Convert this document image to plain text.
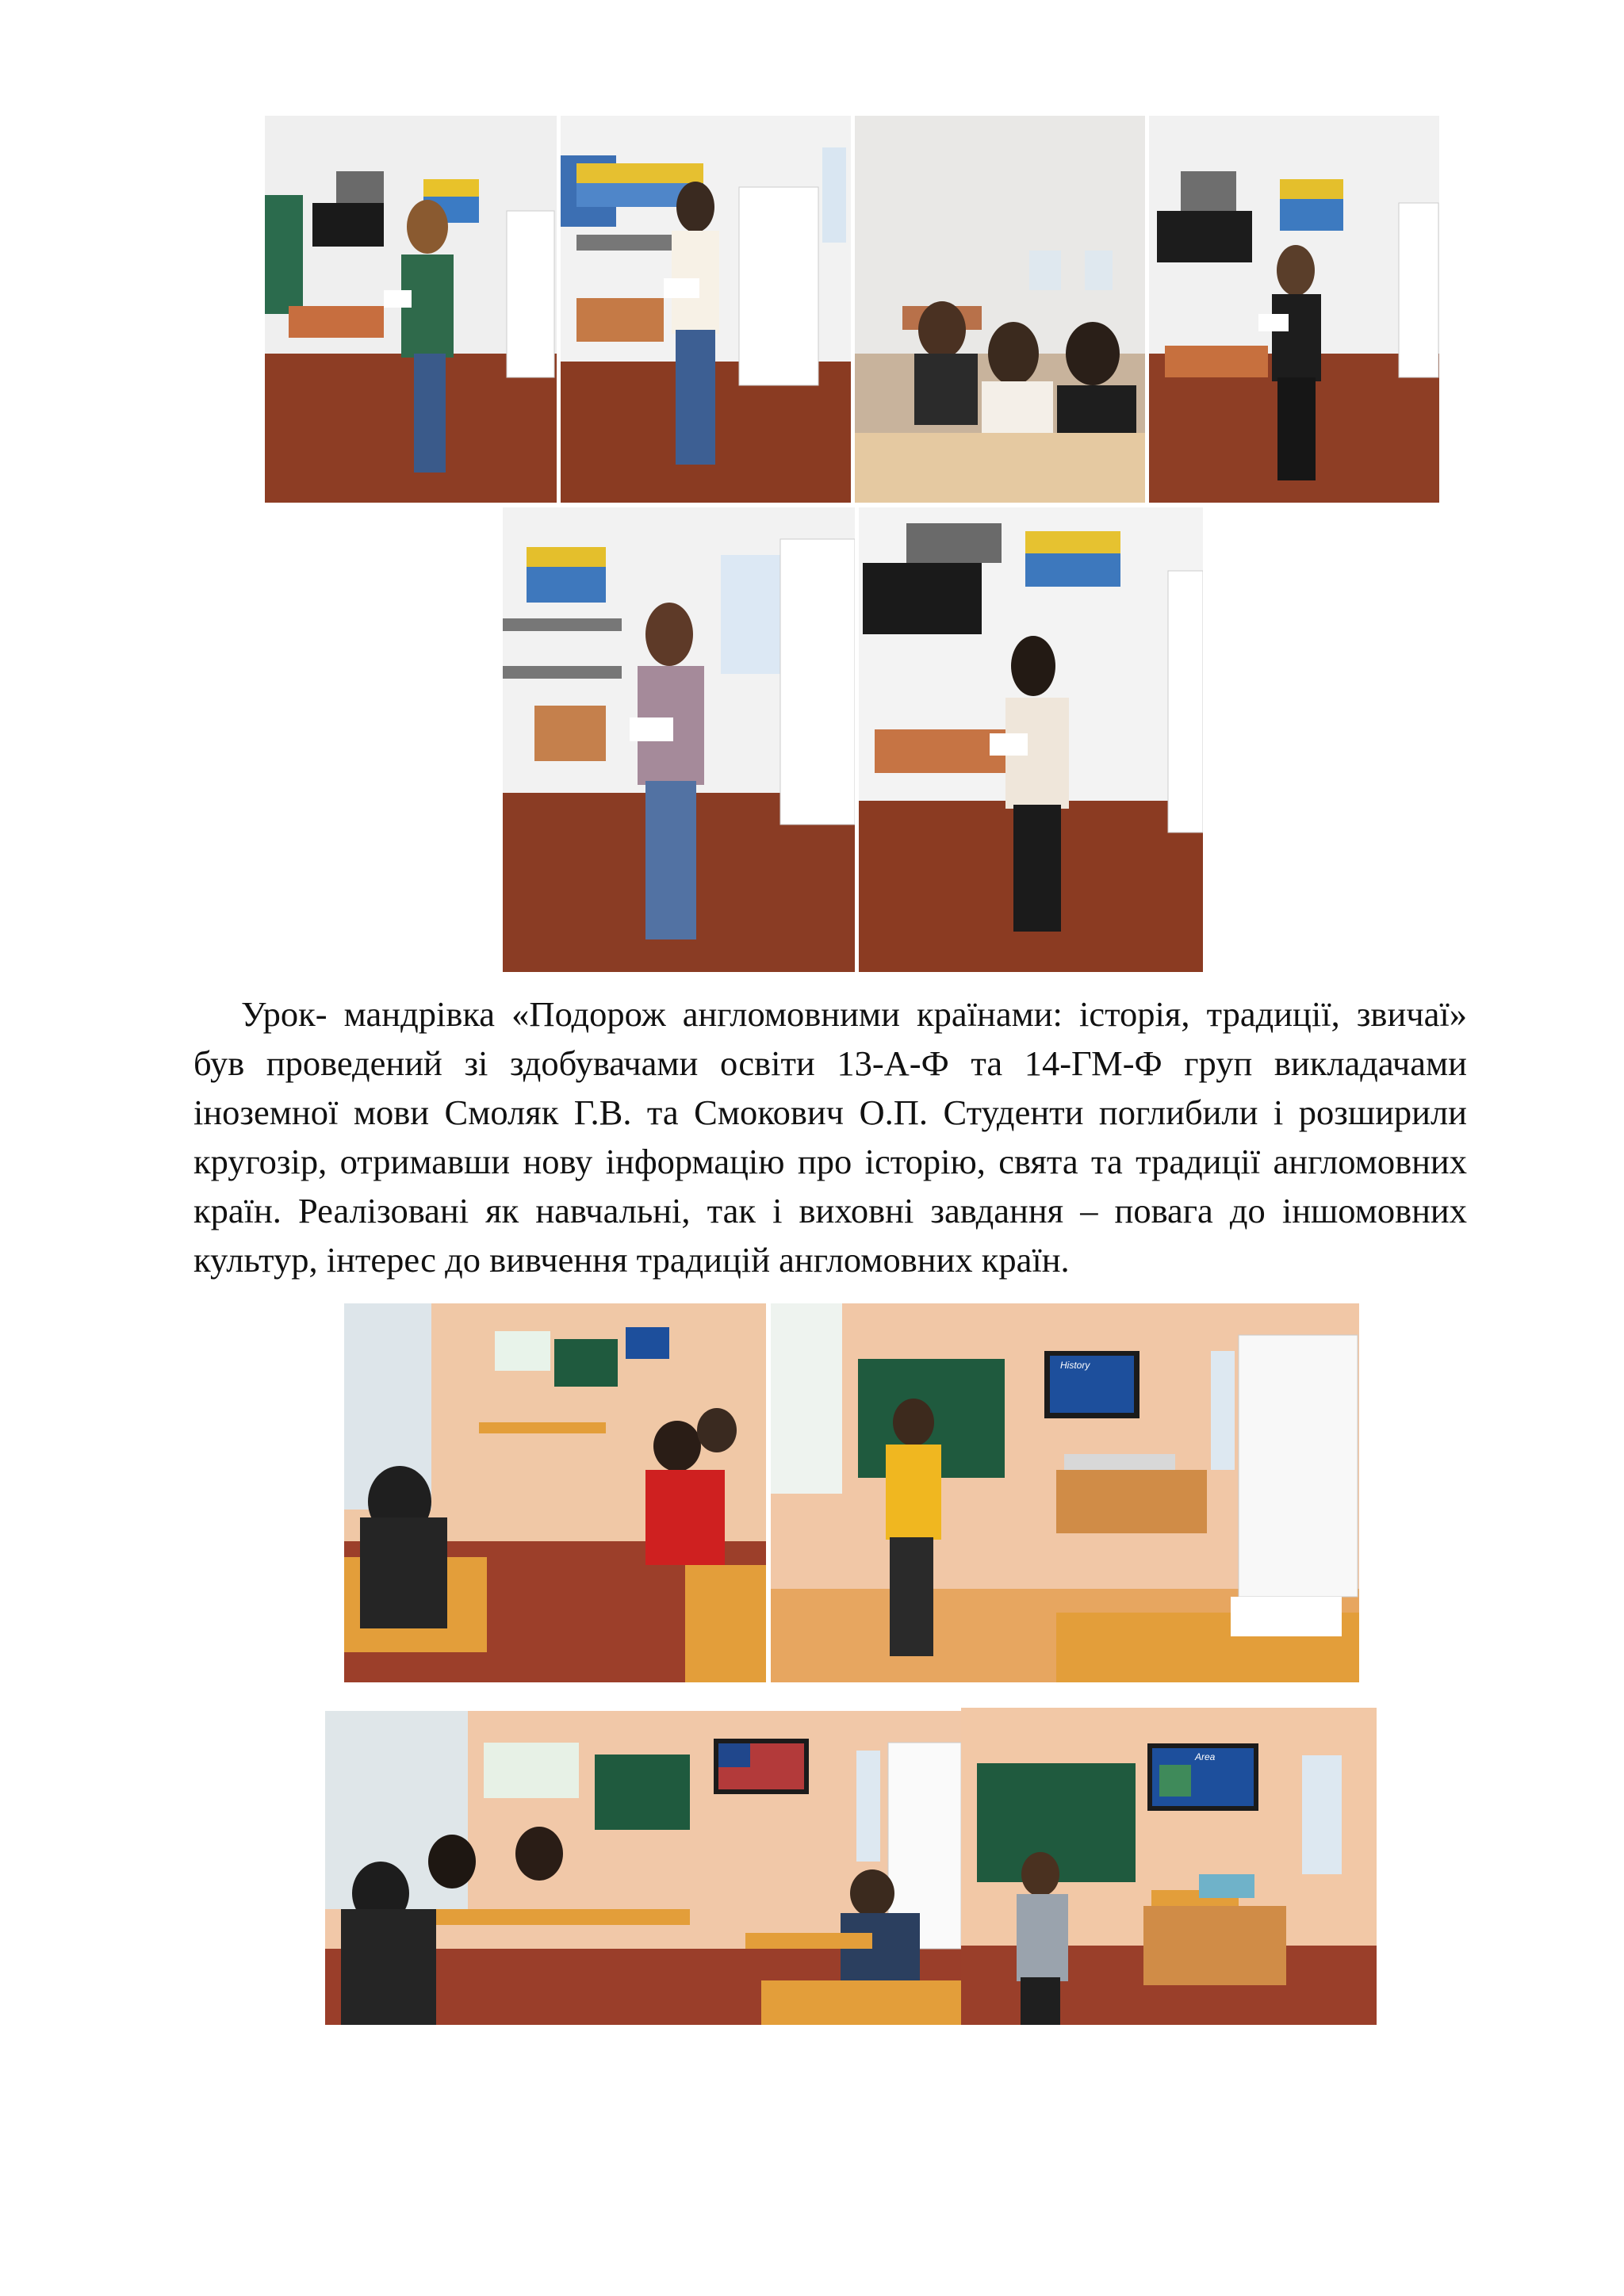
Урок- мандрівка «Подорож англомовними країнами: історія, традиції, звичаї» був проведений зі здобувачами освіти 13-А-Ф та 14-ГМ-Ф груп викладачами іноземної мови Смоляк Г.В. та Смокович О.П. Студенти поглибили і розширили кругозір, отримавши нову інформацію про історію, свята та традиції англомовних країн. Реалізовані як навчальні, так і виховні завдання – повага до іншомовних культур, інтерес до вивчення традицій англомовних країн.

History
Area
